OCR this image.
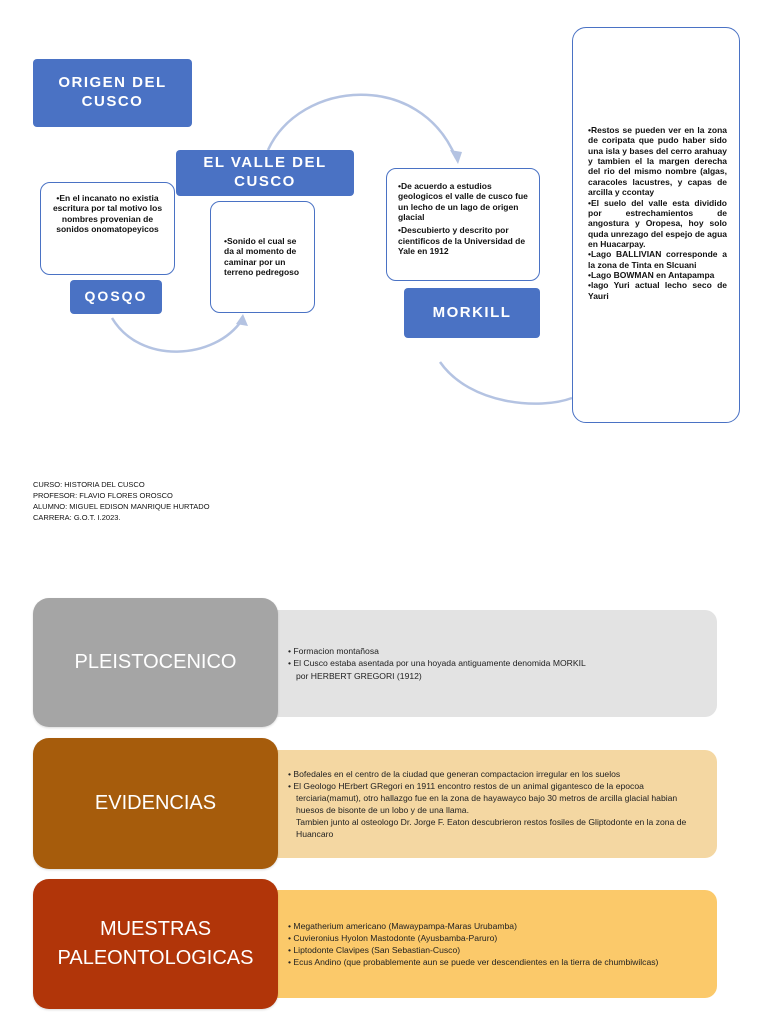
ORIGEN DEL CUSCO
EL VALLE DEL CUSCO
QOSQO
MORKILL

•En el incanato no existia escritura por tal motivo los nombres provenian de sonidos onomatopeyicos

•Sonido el cual se da al momento de caminar por un terreno pedregoso

•De acuerdo a estudios geologicos el valle de cusco fue un lecho de un lago de origen glacial

•Descubierto y descrito por cientificos de la Universidad de Yale en 1912

•Restos se pueden ver en la zona de coripata que pudo haber sido una isla y bases del cerro arahuay y tambien el la margen derecha del rio del mismo nombre (algas, caracoles lacustres, y capas de arcilla y ccontay

•El suelo del valle esta dividido por estrechamientos de angostura y Oropesa, hoy solo quda unrezago del espejo de agua en Huacarpay.

•Lago BALLIVIAN corresponde a la zona de Tinta en Slcuani

•Lago BOWMAN en Antapampa

•lago Yuri actual lecho seco de Yauri

CURSO: HISTORIA DEL CUSCO
PROFESOR: FLAVIO FLORES OROSCO
ALUMNO: MIGUEL EDISON MANRIQUE HURTADO
CARRERA: G.O.T. I.2023.
• Formacion montañosa
• El Cusco estaba asentada por una hoyada antiguamente denomida MORKIL
por HERBERT GREGORI (1912)
PLEISTOCENICO
• Bofedales en el centro de la ciudad que generan compactacion irregular en los suelos
• El Geologo HErbert GRegori en 1911 encontro restos de un animal gigantesco de la epocoa terciaria(mamut), otro hallazgo fue en la zona de hayawayco bajo 30 metros de arcilla glacial habian huesos de bisonte de un lobo y de una llama.
Tambien junto al osteologo Dr. Jorge F. Eaton descubrieron restos fosiles de Gliptodonte en la zona de Huancaro
EVIDENCIAS
• Megatherium americano (Mawaypampa-Maras Urubamba)
• Cuvieronius Hyolon Mastodonte (Ayusbamba-Paruro)
• Liptodonte Clavipes (San Sebastian-Cusco)
• Ecus Andino (que probablemente aun se puede ver descendientes en la tierra de chumbiwilcas)
MUESTRAS PALEONTOLOGICAS
